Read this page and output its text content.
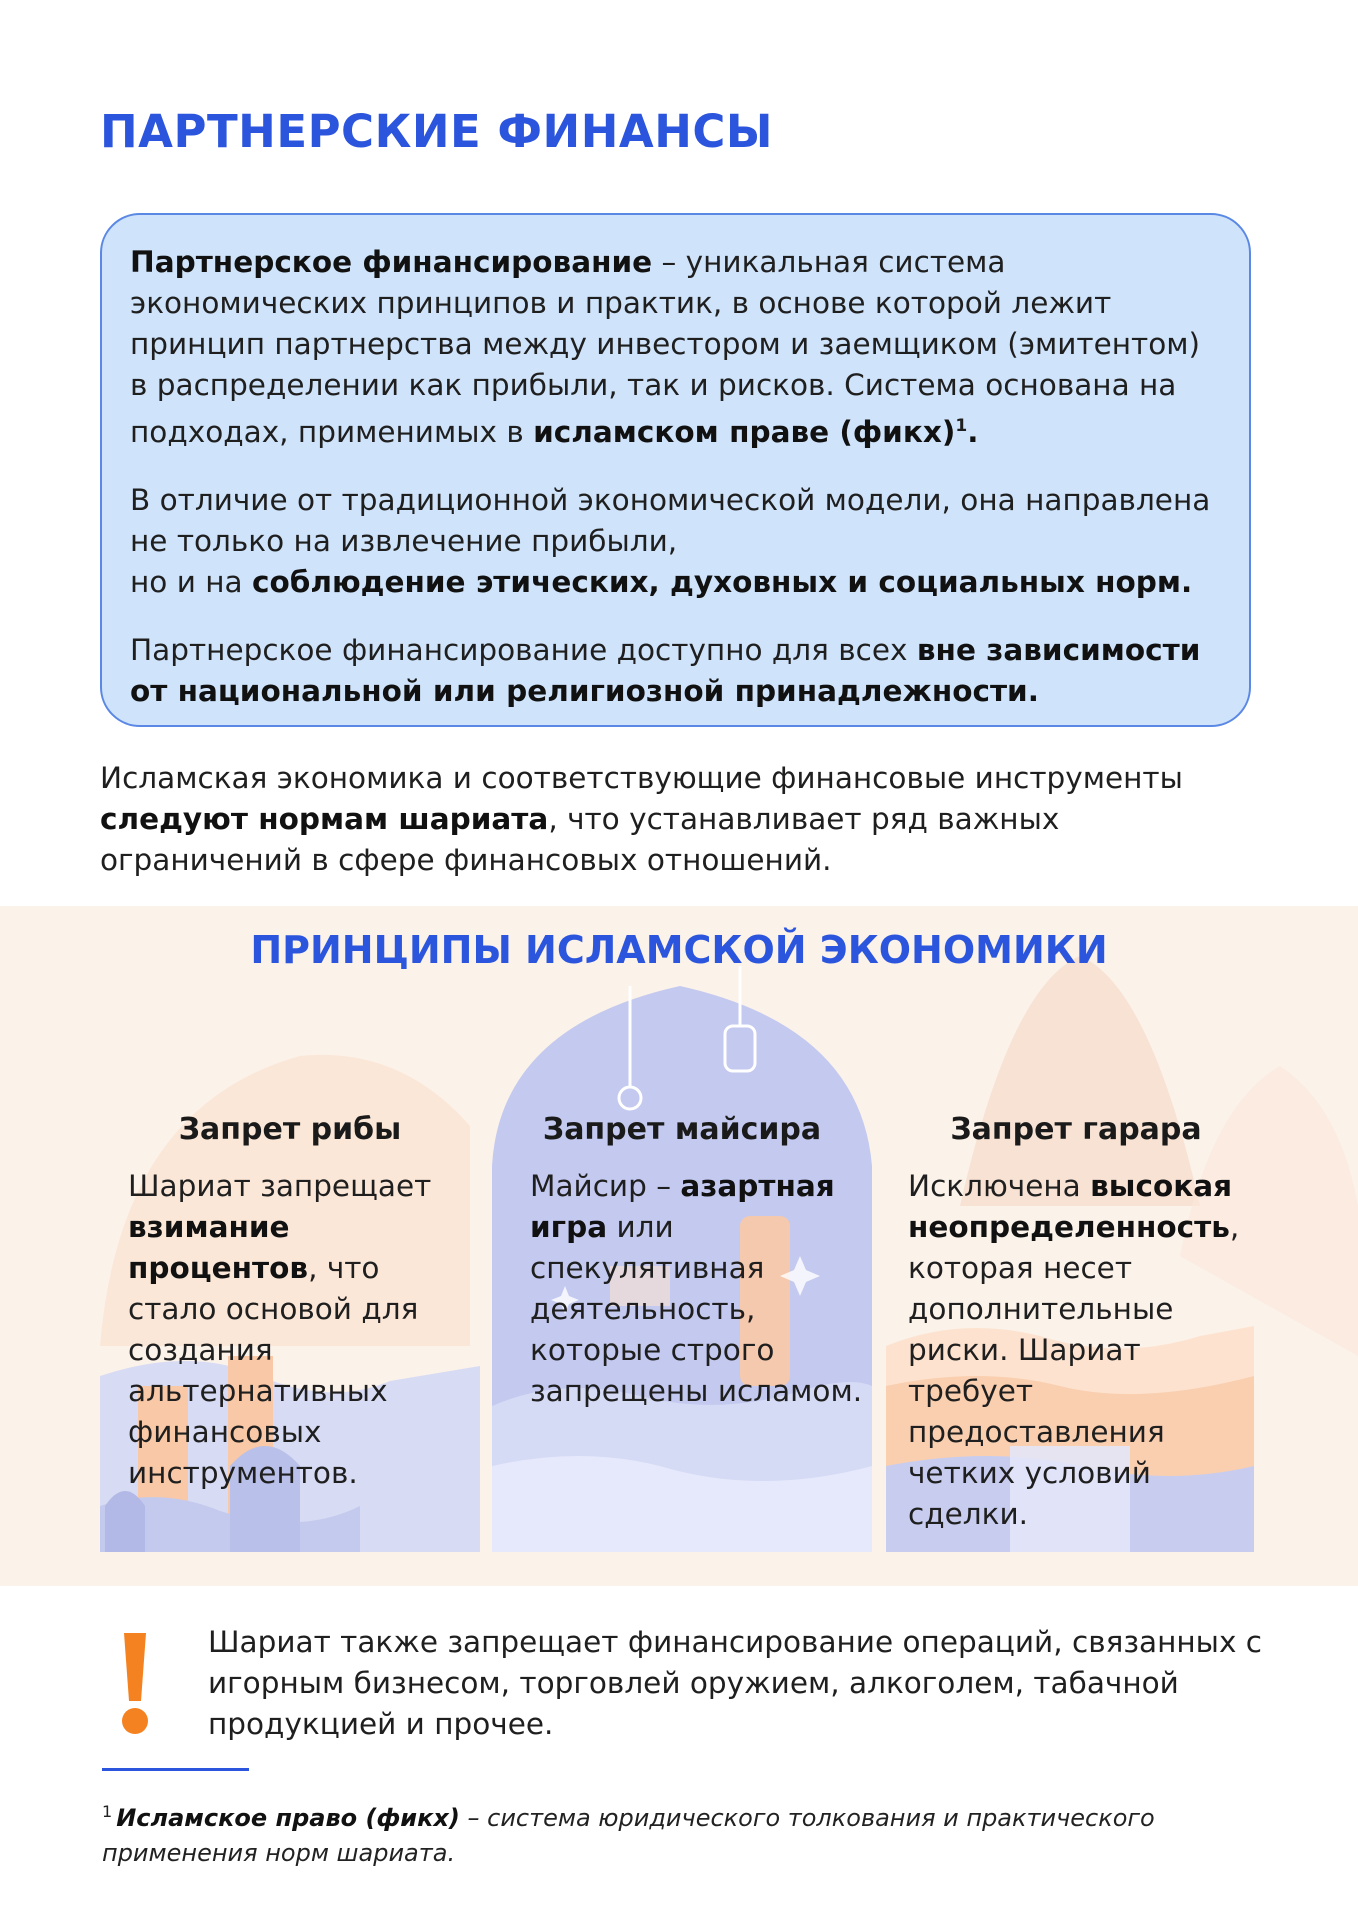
ПАРТНЕРСКИЕ ФИНАНСЫ

Партнерское финансирование – уникальная система экономических принципов и практик, в основе которой лежит принцип партнерства между инвестором и заемщиком (эмитентом) в распределении как прибыли, так и рисков. Система основана на подходах, применимых в исламском праве (фикх)$^1$.

В отличие от традиционной экономической модели, она направлена не только на извлечение прибыли,
но и на соблюдение этических, духовных и социальных норм.

Партнерское финансирование доступно для всех вне зависимости от национальной или религиозной принадлежности.

Исламская экономика и соответствующие финансовые инструменты следуют нормам шариата, что устанавливает ряд важных ограничений в сфере финансовых отношений.

ПРИНЦИПЫ ИСЛАМСКОЙ ЭКОНОМИКИ
Запрет рибы
Шариат запрещает взимание процентов, что стало основой для создания альтернативных финансовых инструментов.
Запрет майсира
Майсир – азартная игра или спекулятивная деятельность, которые строго запрещены исламом.
Запрет гарара
Исключена высокая неопределенность, которая несет дополнительные риски. Шариат требует предоставления четких условий сделки.

Шариат также запрещает финансирование операций, связанных с игорным бизнесом, торговлей оружием, алкоголем, табачной продукцией и прочее.

$^1$ Исламское право (фикх) – система юридического толкования и практического применения норм шариата.
